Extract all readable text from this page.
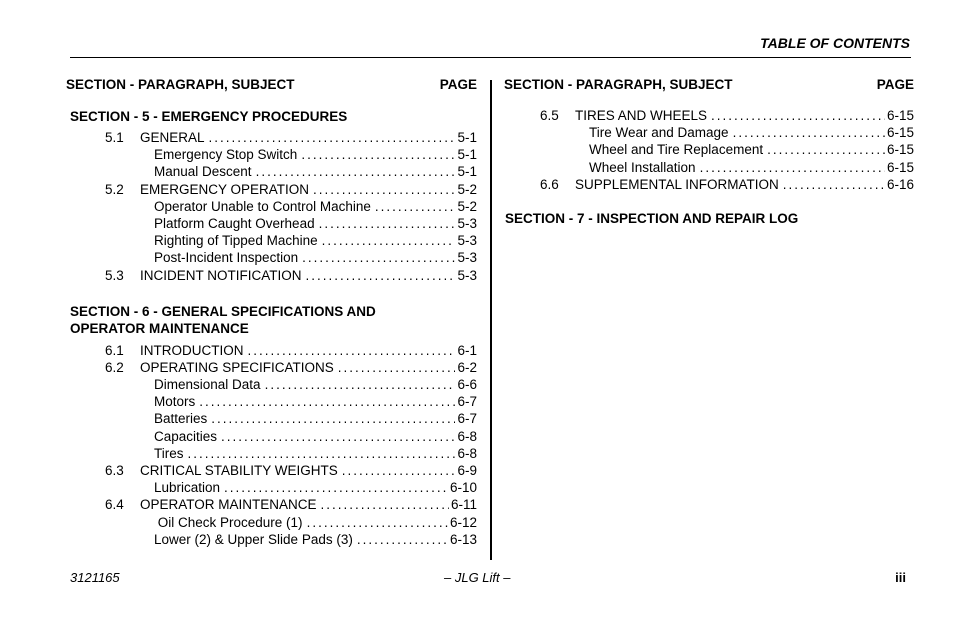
TABLE OF CONTENTS
SECTION - PARAGRAPH, SUBJECT	PAGE
SECTION - 5 - EMERGENCY PROCEDURES
5.1 GENERAL .....	5-1
Emergency Stop Switch .....	5-1
Manual Descent .....	5-1
5.2 EMERGENCY OPERATION .....	5-2
Operator Unable to Control Machine .....	5-2
Platform Caught Overhead .....	5-3
Righting of Tipped Machine .....	5-3
Post-Incident Inspection .....	5-3
5.3 INCIDENT NOTIFICATION .....	5-3
SECTION - 6 - GENERAL SPECIFICATIONS AND
OPERATOR MAINTENANCE
6.1 INTRODUCTION .....	6-1
6.2 OPERATING SPECIFICATIONS .....	6-2
Dimensional Data .....	6-6
Motors .....	6-7
Batteries .....	6-7
Capacities .....	6-8
Tires .....	6-8
6.3 CRITICAL STABILITY WEIGHTS .....	6-9
Lubrication .....	6-10
6.4 OPERATOR MAINTENANCE .....	6-11
Oil Check Procedure (1) .....	6-12
Lower (2) & Upper Slide Pads (3) .....	6-13
SECTION - PARAGRAPH, SUBJECT	PAGE
6.5 TIRES AND WHEELS .....	6-15
Tire Wear and Damage .....	6-15
Wheel and Tire Replacement .....	6-15
Wheel Installation .....	6-15
6.6 SUPPLEMENTAL INFORMATION .....	6-16
SECTION - 7 - INSPECTION AND REPAIR LOG
3121165	– JLG Lift –	iii
